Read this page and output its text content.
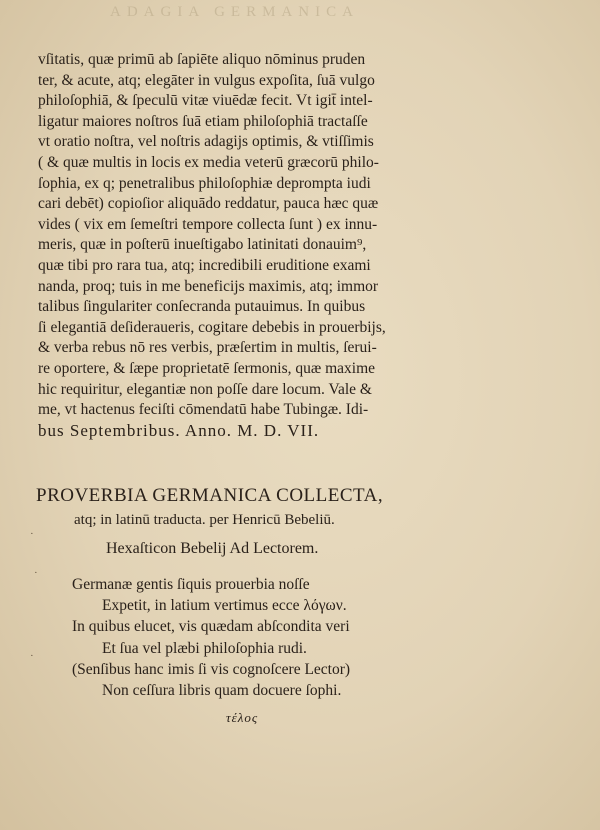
ADAGIA GERMANICA
vſitatis, quæ primū ab ſapiēte aliquo nōminus pruden
ter, & acute, atq; elegāter in vulgus expoſita, ſuā vulgo
philoſophiā, & ſpeculū vitæ viuēdæ fecit. Vt igit̄ intel-
ligatur maiores noſtros ſuā etiam philoſophiā tractaſſe
vt oratio noſtra, vel noſtris adagijs optimis, & vtiſſimis
( & quæ multis in locis ex media veterū græcorū philo-
ſophia, ex q; penetralibus philoſophiæ deprompta iudi
cari debēt) copioſior aliquādo reddatur, pauca hæc quæ
vides ( vix em ſemeſtri tempore collecta ſunt ) ex innu-
meris, quæ in poſterū inueſtigabo latinitati donauim⁹,
quæ tibi pro rara tua, atq; incredibili eruditione exami
nanda, proq; tuis in me beneficijs maximis, atq; immor
talibus ſingulariter conſecranda putauimus. In quibus
ſi elegantiā deſideraueris, cogitare debebis in prouerbijs,
& verba rebus nō res verbis, præſertim in multis, ſerui-
re oportere, & ſæpe proprietatē ſermonis, quæ maxime
hic requiritur, elegantiæ non poſſe dare locum. Vale &
me, vt hactenus feciſti cōmendatū habe Tubingæ. Idi-
bus Septembribus. Anno. M. D. VII.
PROVERBIA GERMANICA COLLECTA,
atq; in latinū traducta. per Henricū Bebeliū.
Hexaſticon Bebelij Ad Lectorem.
Germanæ gentis ſiquis prouerbia noſſe
Expetit, in latium vertimus ecce λόγων.
In quibus elucet, vis quædam abſcondita veri
Et ſua vel plæbi philoſophia rudi.
(Senſibus hanc imis ſi vis cognoſcere Lector)
Non ceſſura libris quam docuere ſophi.
τέλος
·
·
·
